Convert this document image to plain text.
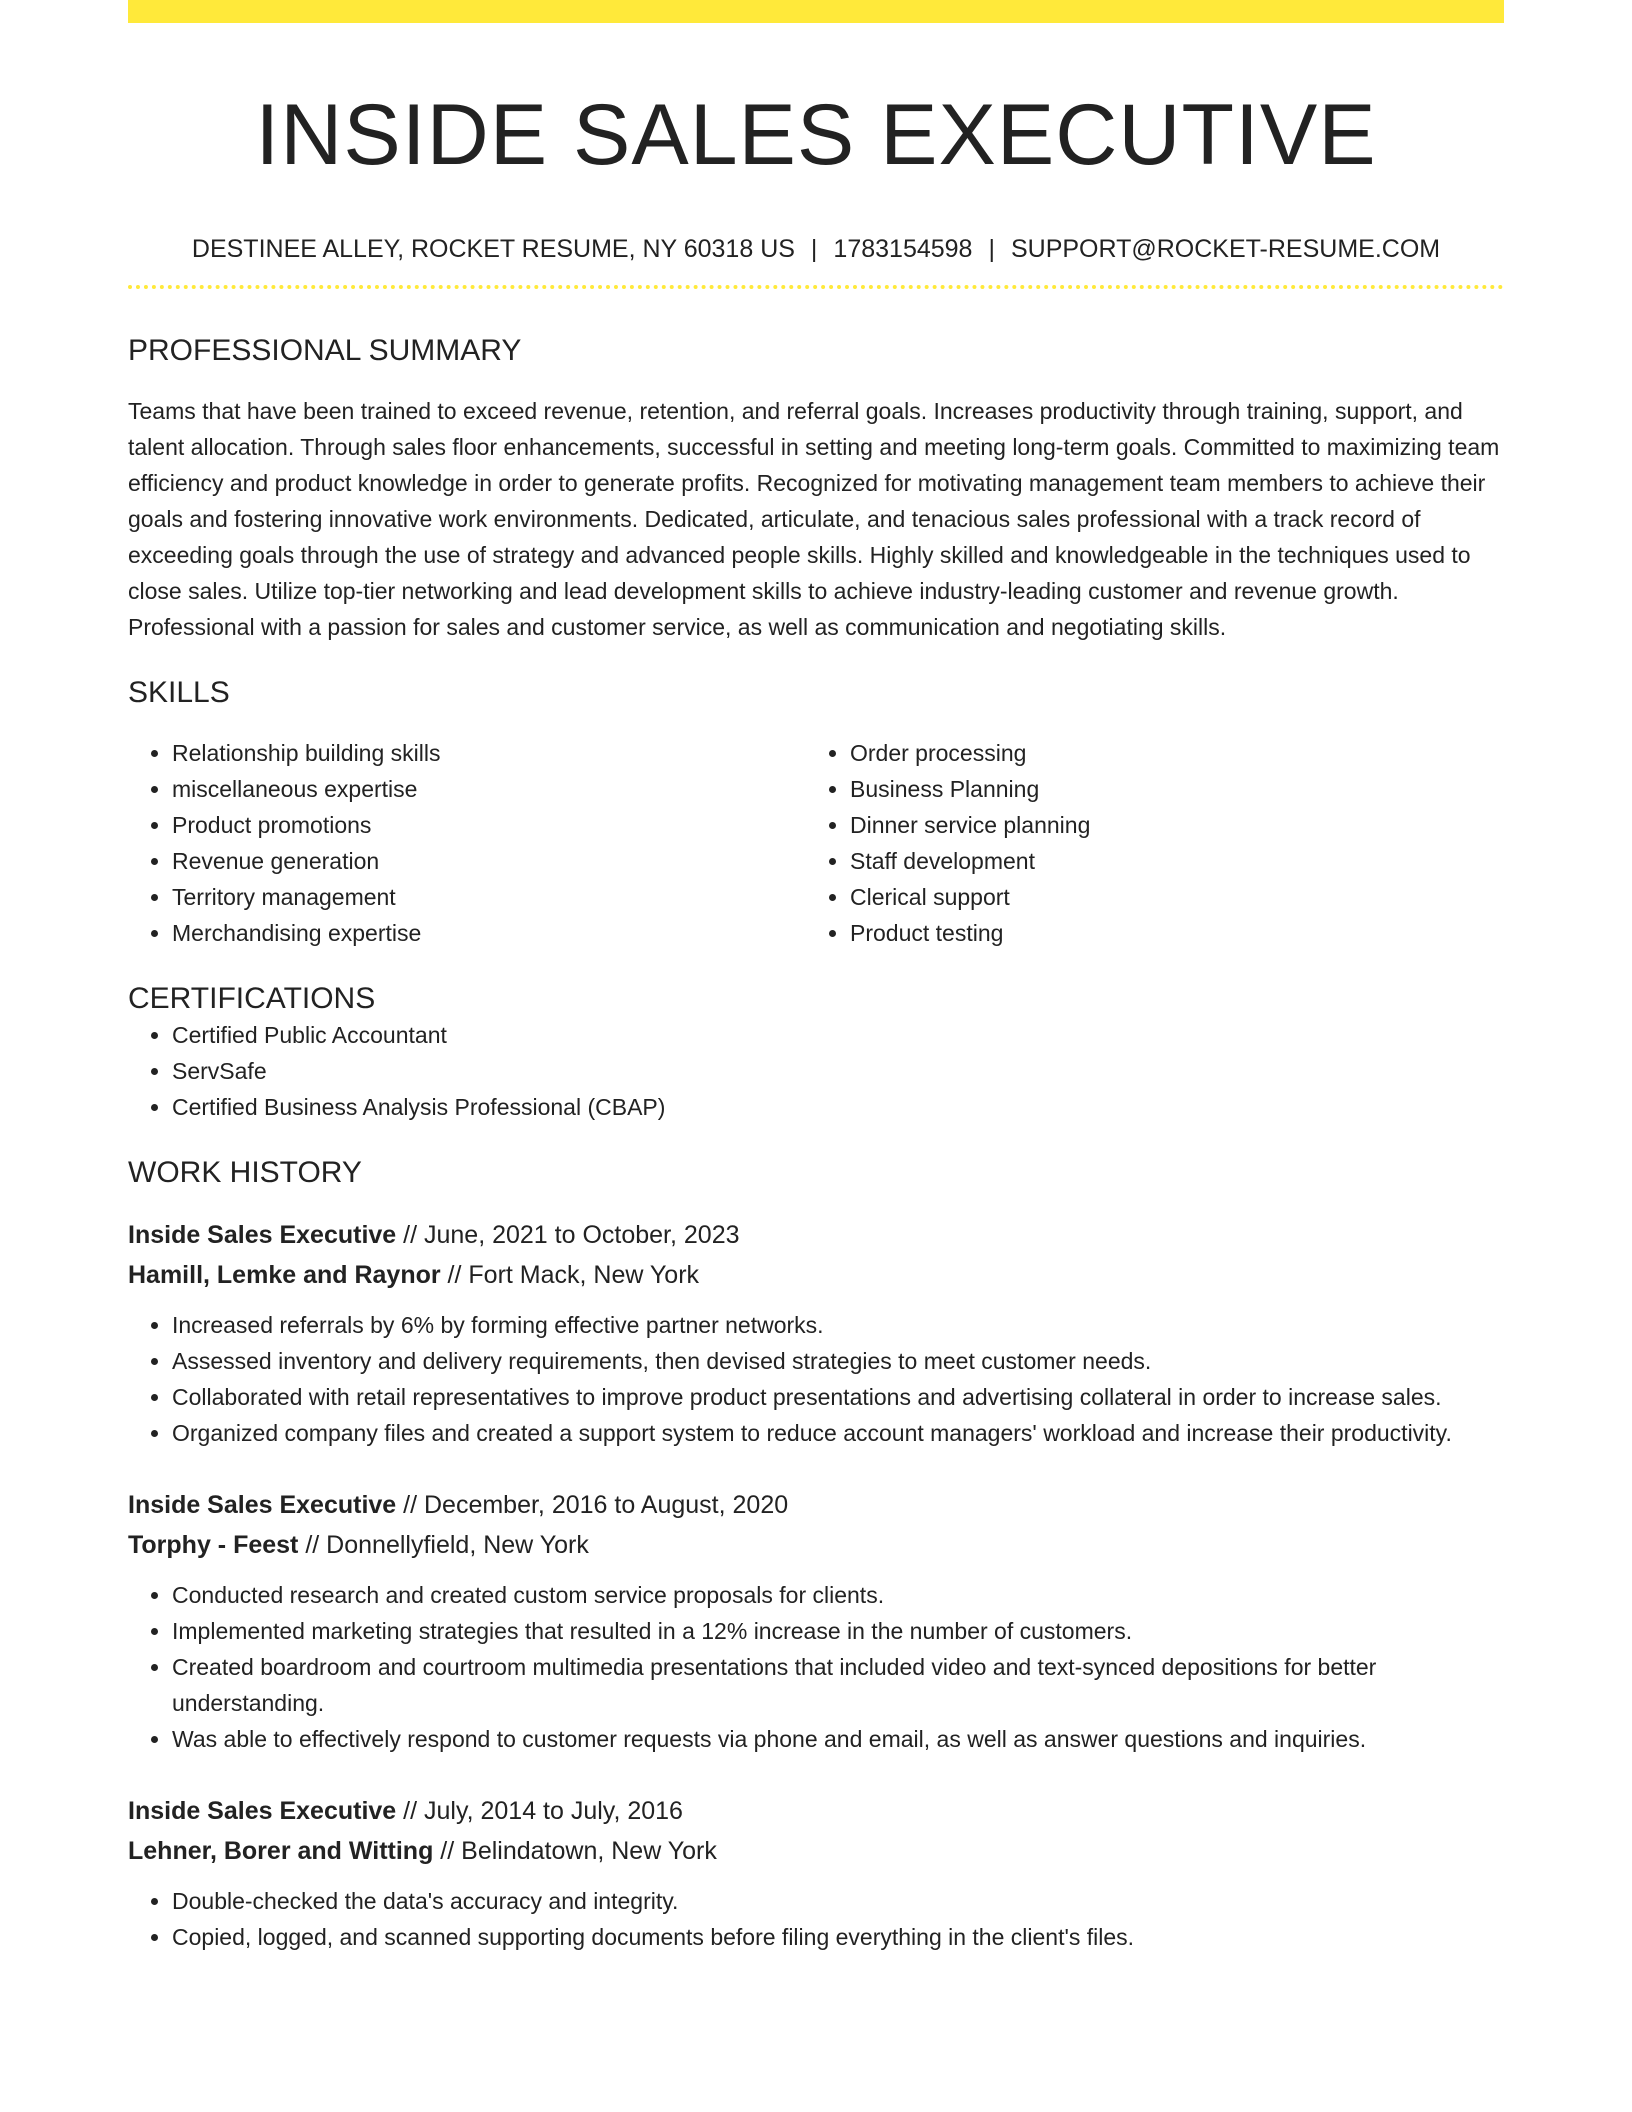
INSIDE SALES EXECUTIVE
DESTINEE ALLEY, ROCKET RESUME, NY 60318 US | 1783154598 | SUPPORT@ROCKET-RESUME.COM
PROFESSIONAL SUMMARY

Teams that have been trained to exceed revenue, retention, and referral goals. Increases productivity through training, support, and talent allocation. Through sales floor enhancements, successful in setting and meeting long-term goals. Committed to maximizing team efficiency and product knowledge in order to generate profits. Recognized for motivating management team members to achieve their goals and fostering innovative work environments. Dedicated, articulate, and tenacious sales professional with a track record of exceeding goals through the use of strategy and advanced people skills. Highly skilled and knowledgeable in the techniques used to close sales. Utilize top-tier networking and lead development skills to achieve industry-leading customer and revenue growth. Professional with a passion for sales and customer service, as well as communication and negotiating skills.

SKILLS
• Relationship building skills
• miscellaneous expertise
• Product promotions
• Revenue generation
• Territory management
• Merchandising expertise
• Order processing
• Business Planning
• Dinner service planning
• Staff development
• Clerical support
• Product testing
CERTIFICATIONS
• Certified Public Accountant
• ServSafe
• Certified Business Analysis Professional (CBAP)
WORK HISTORY
Inside Sales Executive // June, 2021 to October, 2023
Hamill, Lemke and Raynor // Fort Mack, New York
• Increased referrals by 6% by forming effective partner networks.
• Assessed inventory and delivery requirements, then devised strategies to meet customer needs.
• Collaborated with retail representatives to improve product presentations and advertising collateral in order to increase sales.
• Organized company files and created a support system to reduce account managers' workload and increase their productivity.
Inside Sales Executive // December, 2016 to August, 2020
Torphy - Feest // Donnellyfield, New York
• Conducted research and created custom service proposals for clients.
• Implemented marketing strategies that resulted in a 12% increase in the number of customers.
• Created boardroom and courtroom multimedia presentations that included video and text-synced depositions for better understanding.
• Was able to effectively respond to customer requests via phone and email, as well as answer questions and inquiries.
Inside Sales Executive // July, 2014 to July, 2016
Lehner, Borer and Witting // Belindatown, New York
• Double-checked the data's accuracy and integrity.
• Copied, logged, and scanned supporting documents before filing everything in the client's files.
